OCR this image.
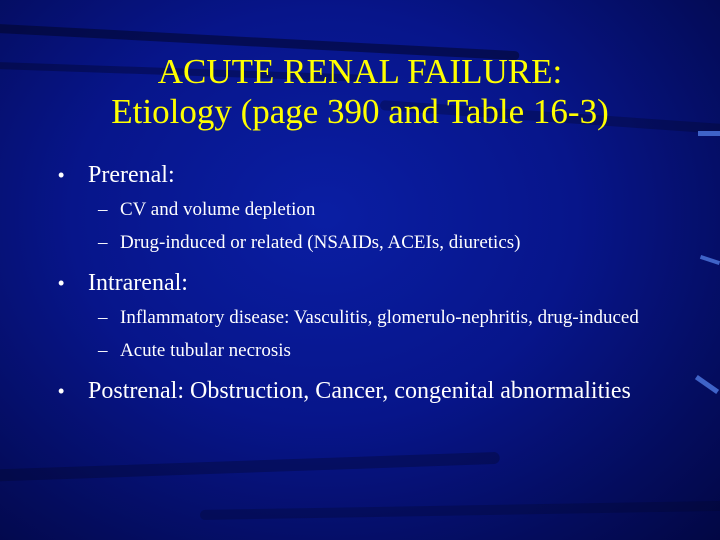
ACUTE RENAL FAILURE:
Etiology (page 390 and Table 16-3)
• Prerenal:
– CV and volume depletion
– Drug-induced or related (NSAIDs, ACEIs, diuretics)
• Intrarenal:
– Inflammatory disease: Vasculitis, glomerulo-nephritis, drug-induced
– Acute tubular necrosis
• Postrenal: Obstruction, Cancer, congenital abnormalities
